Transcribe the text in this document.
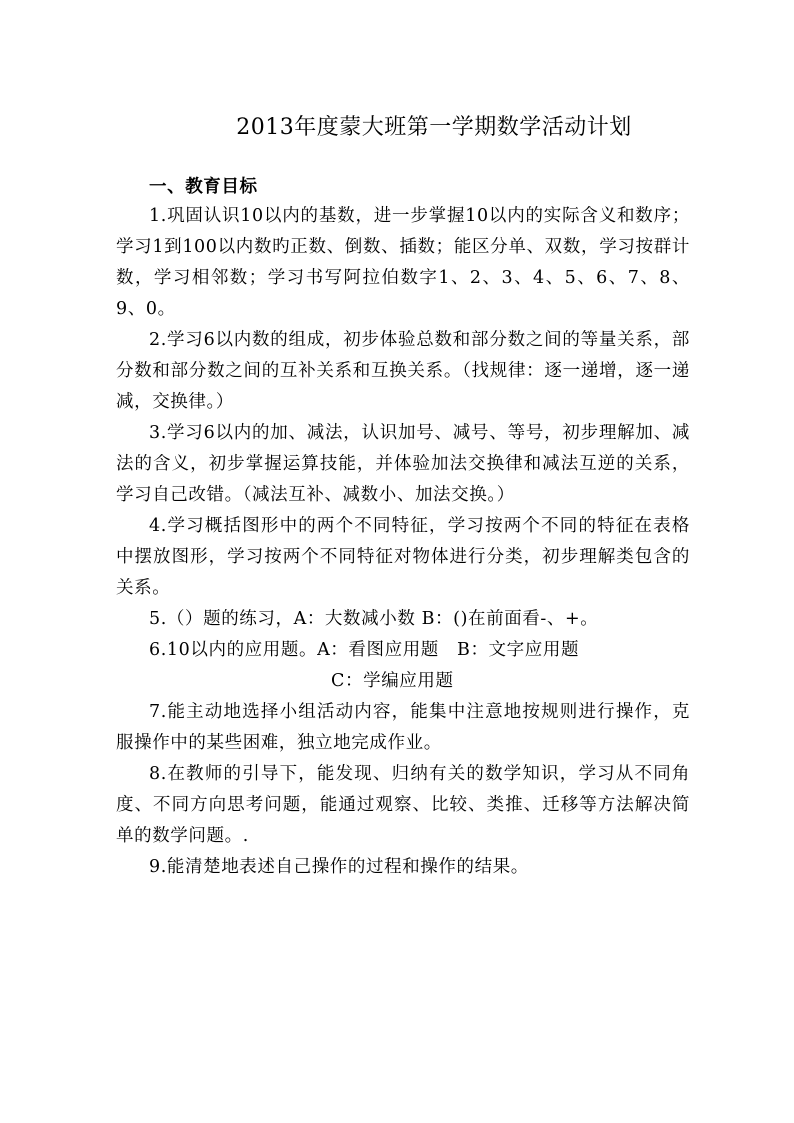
2013年度蒙大班第一学期数学活动计划

一、教育目标

1.巩固认识10以内的基数，进一步掌握10以内的实际含义和数序；学习1到100以内数旳正数、倒数、插数；能区分单、双数，学习按群计数，学习相邻数；学习书写阿拉伯数字1、2、3、4、5、6、7、8、9、0。

2.学习6以内数的组成，初步体验总数和部分数之间的等量关系，部分数和部分数之间的互补关系和互换关系。（找规律：逐一递增，逐一递减，交换律。）

3.学习6以内的加、减法，认识加号、减号、等号，初步理解加、减法的含义，初步掌握运算技能，并体验加法交换律和减法互逆的关系，学习自己改错。（减法互补、减数小、加法交换。）

4.学习概括图形中的两个不同特征，学习按两个不同的特征在表格中摆放图形，学习按两个不同特征对物体进行分类，初步理解类包含的关系。

5.（）题的练习，A：大数减小数 B：()在前面看-、+。

6.10以内的应用题。A：看图应用题　B：文字应用题

C：学编应用题

7.能主动地选择小组活动内容，能集中注意地按规则进行操作，克服操作中的某些困难，独立地完成作业。

8.在教师的引导下，能发现、归纳有关的数学知识，学习从不同角度、不同方向思考问题，能通过观察、比较、类推、迁移等方法解决简单的数学问题。.

9.能清楚地表述自己操作的过程和操作的结果。
